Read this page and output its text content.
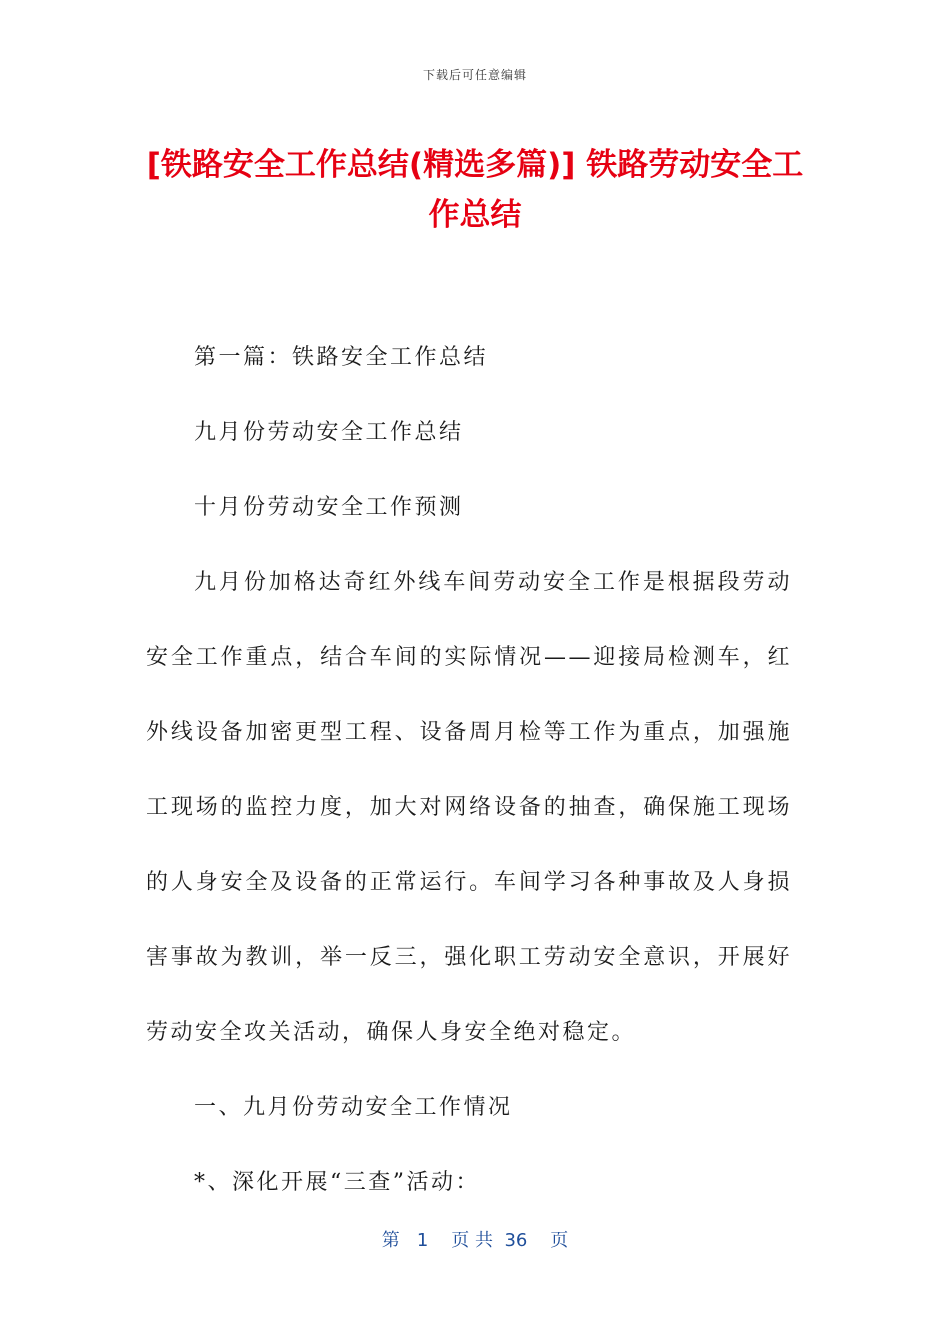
下载后可任意编辑
[铁路安全工作总结(精选多篇)] 铁路劳动安全工作总结

第一篇：铁路安全工作总结

九月份劳动安全工作总结

十月份劳动安全工作预测

九月份加格达奇红外线车间劳动安全工作是根据段劳动安全工作重点，结合车间的实际情况——迎接局检测车，红外线设备加密更型工程、设备周月检等工作为重点，加强施工现场的监控力度，加大对网络设备的抽查，确保施工现场的人身安全及设备的正常运行。车间学习各种事故及人身损害事故为教训，举一反三，强化职工劳动安全意识，开展好劳动安全攻关活动，确保人身安全绝对稳定。

一、九月份劳动安全工作情况

*、深化开展“三查”活动：

第 1 页 共 36 页
